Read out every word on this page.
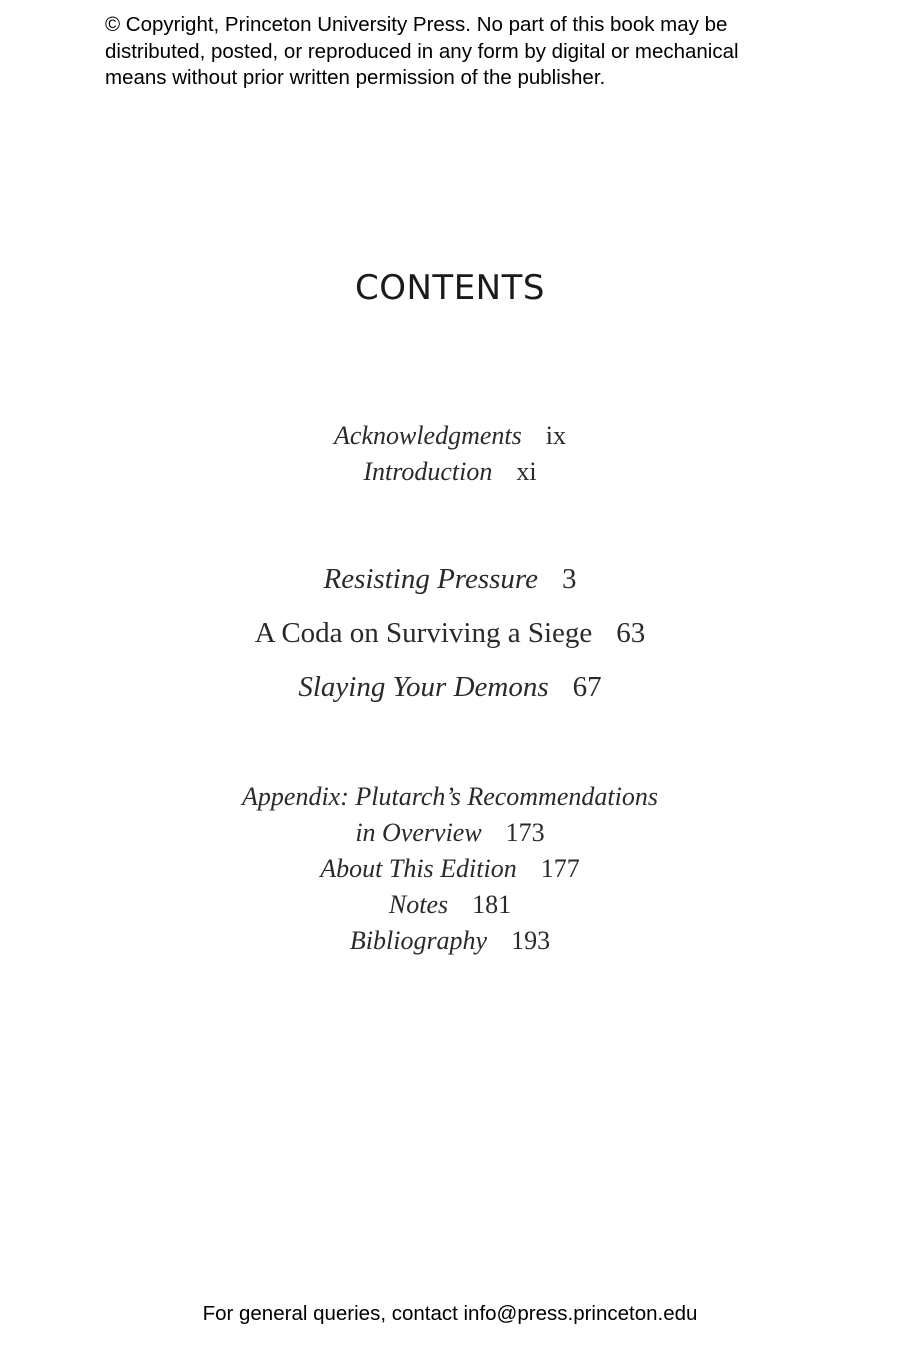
© Copyright, Princeton University Press. No part of this book may be
distributed, posted, or reproduced in any form by digital or mechanical
means without prior written permission of the publisher.
CONTENTS
Acknowledgments ix
Introduction xi
Resisting Pressure 3
A Coda on Surviving a Siege 63
Slaying Your Demons 67
Appendix: Plutarch’s Recommendations
in Overview 173
About This Edition 177
Notes 181
Bibliography 193
For general queries, contact info@press.princeton.edu
